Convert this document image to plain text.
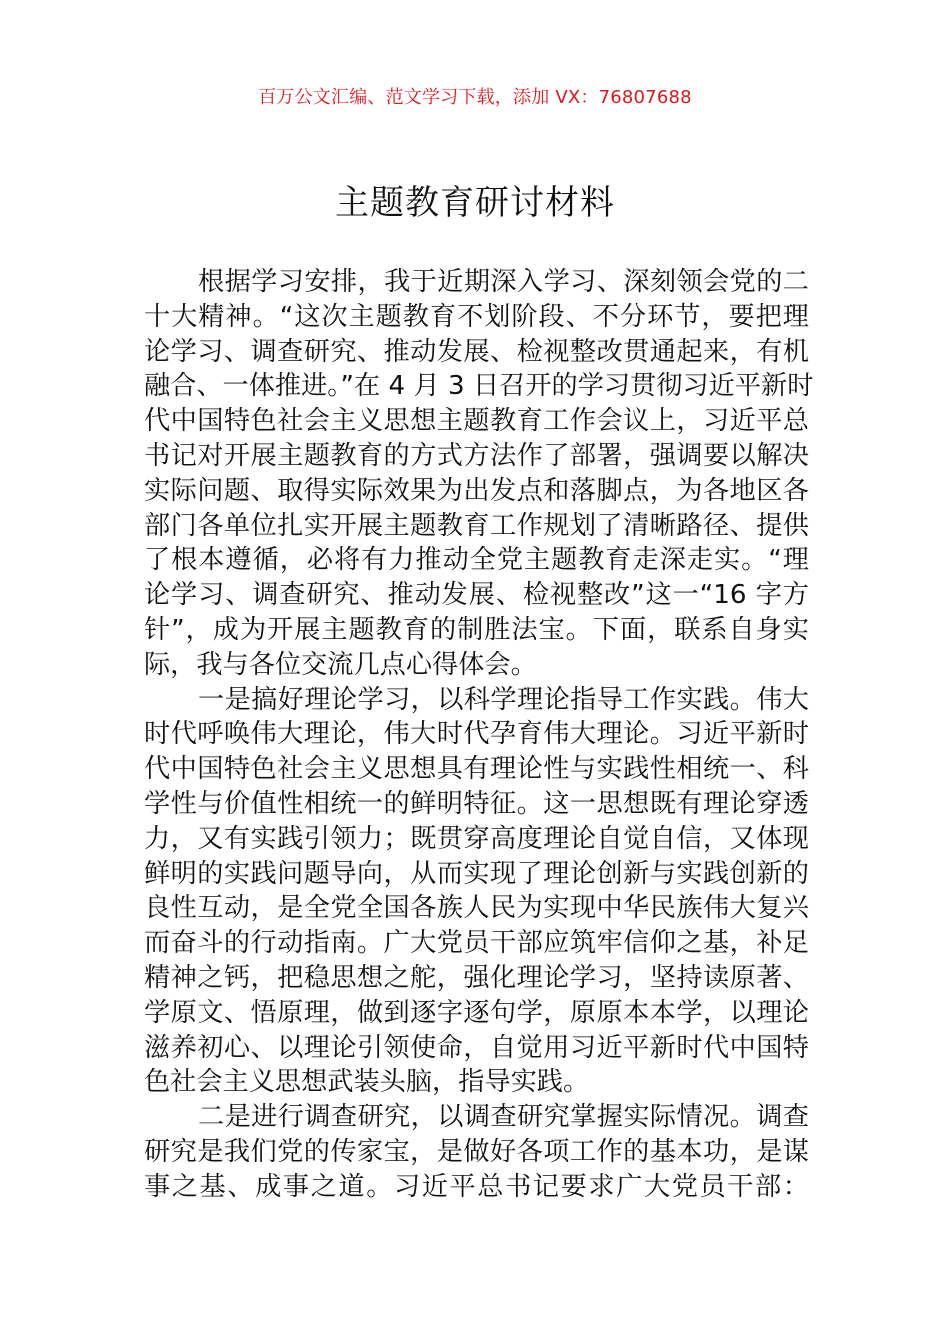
百万公文汇编、范文学习下载，添加 VX：76807688
主题教育研讨材料
根据学习安排，我于近期深入学习、深刻领会党的二
十大精神。“这次主题教育不划阶段、不分环节，要把理
论学习、调查研究、推动发展、检视整改贯通起来，有机
融合、一体推进。”在 4 月 3 日召开的学习贯彻习近平新时
代中国特色社会主义思想主题教育工作会议上，习近平总
书记对开展主题教育的方式方法作了部署，强调要以解决
实际问题、取得实际效果为出发点和落脚点，为各地区各
部门各单位扎实开展主题教育工作规划了清晰路径、提供
了根本遵循，必将有力推动全党主题教育走深走实。“理
论学习、调查研究、推动发展、检视整改”这一“16 字方
针”，成为开展主题教育的制胜法宝。下面，联系自身实
际，我与各位交流几点心得体会。
一是搞好理论学习，以科学理论指导工作实践。伟大
时代呼唤伟大理论，伟大时代孕育伟大理论。习近平新时
代中国特色社会主义思想具有理论性与实践性相统一、科
学性与价值性相统一的鲜明特征。这一思想既有理论穿透
力，又有实践引领力；既贯穿高度理论自觉自信，又体现
鲜明的实践问题导向，从而实现了理论创新与实践创新的
良性互动，是全党全国各族人民为实现中华民族伟大复兴
而奋斗的行动指南。广大党员干部应筑牢信仰之基，补足
精神之钙，把稳思想之舵，强化理论学习，坚持读原著、
学原文、悟原理，做到逐字逐句学，原原本本学，以理论
滋养初心、以理论引领使命，自觉用习近平新时代中国特
色社会主义思想武装头脑，指导实践。
二是进行调查研究，以调查研究掌握实际情况。调查
研究是我们党的传家宝，是做好各项工作的基本功，是谋
事之基、成事之道。习近平总书记要求广大党员干部：
